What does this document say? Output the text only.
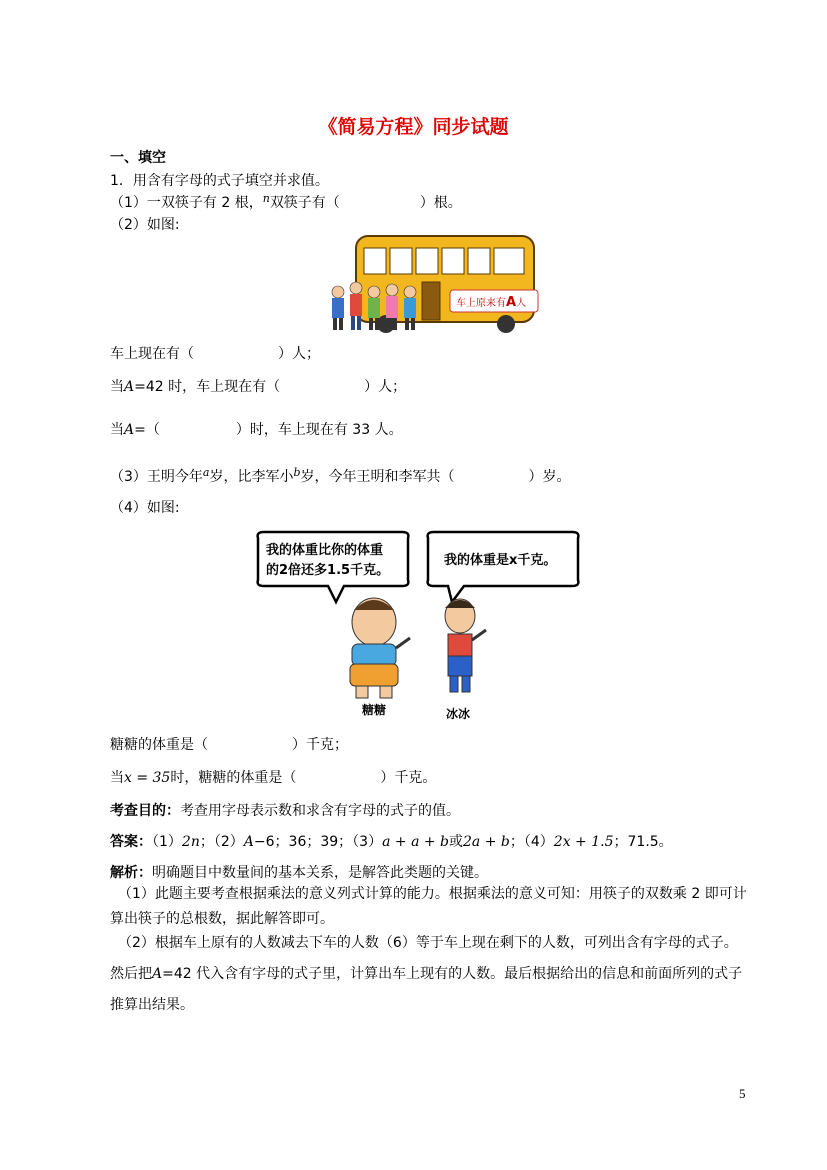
《简易方程》同步试题
一、填空
1．用含有字母的式子填空并求值。
（1）一双筷子有 2 根，$^n$双筷子有（	）根。
（2）如图:
车上原来有A人
车上现在有（	）人；
当A=42 时，车上现在有（	）人；
当A=（	）时，车上现在有 33 人。
（3）王明今年$^a$岁，比李军小$^b$岁，今年王明和李军共（	）岁。
（4）如图:
我的体重比你的体重
的2倍还多1.5千克。
我的体重是x千克。
糖糖	冰冰
糖糖的体重是（	）千克；
当x = 35时，糖糖的体重是（	）千克。
考查目的：考查用字母表示数和求含有字母的式子的值。
答案：（1）2n；（2）A−6；36；39；（3）a + a + b或2a + b；（4）2x + 1.5；71.5。
解析：明确题目中数量间的基本关系，是解答此类题的关键。
（1）此题主要考查根据乘法的意义列式计算的能力。根据乘法的意义可知：用筷子的双数乘 2 即可计算出筷子的总根数，据此解答即可。
（2）根据车上原有的人数减去下车的人数（6）等于车上现在剩下的人数，可列出含有字母的式子。然后把A=42 代入含有字母的式子里，计算出车上现有的人数。最后根据给出的信息和前面所列的式子推算出结果。
5
